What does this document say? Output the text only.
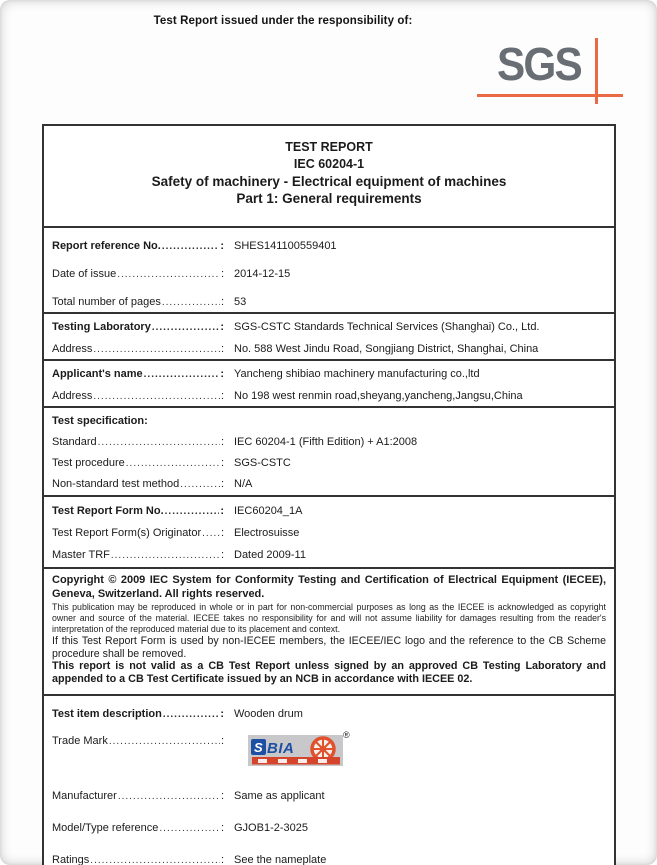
Test Report issued under the responsibility of:
SGS
TEST REPORT
IEC 60204-1
Safety of machinery - Electrical equipment of machines
Part 1: General requirements
Report reference No. .....	: SHES141100559401
Date of issue .....	: 2014-12-15
Total number of pages .....	: 53
Testing Laboratory .....	: SGS-CSTC Standards Technical Services (Shanghai) Co., Ltd.
Address .....	: No. 588 West Jindu Road, Songjiang District, Shanghai, China
Applicant's name .....	: Yancheng shibiao machinery manufacturing co.,ltd
Address .....	: No 198 west renmin road,sheyang,yancheng,Jangsu,China
Test specification:
Standard .....	: IEC 60204-1 (Fifth Edition) + A1:2008
Test procedure .....	: SGS-CSTC
Non-standard test method .....	: N/A
Test Report Form No. .....	: IEC60204_1A
Test Report Form(s) Originator ..... : Electrosuisse
Master TRF .....	: Dated 2009-11

Copyright © 2009 IEC System for Conformity Testing and Certification of Electrical Equipment (IECEE), Geneva, Switzerland. All rights reserved.

This publication may be reproduced in whole or in part for non-commercial purposes as long as the IECEE is acknowledged as copyright owner and source of the material. IECEE takes no responsibility for and will not assume liability for damages resulting from the reader's interpretation of the reproduced material due to its placement and context.

If this Test Report Form is used by non-IECEE members, the IECEE/IEC logo and the reference to the CB Scheme procedure shall be removed.

This report is not valid as a CB Test Report unless signed by an approved CB Testing Laboratory and appended to a CB Test Certificate issued by an NCB in accordance with IECEE 02.

Test item description .....	: Wooden drum
Trade Mark .....	: S BIA
®
Manufacturer .....	: Same as applicant
Model/Type reference .....	: GJOB1-2-3025
Ratings .....	: See the nameplate
